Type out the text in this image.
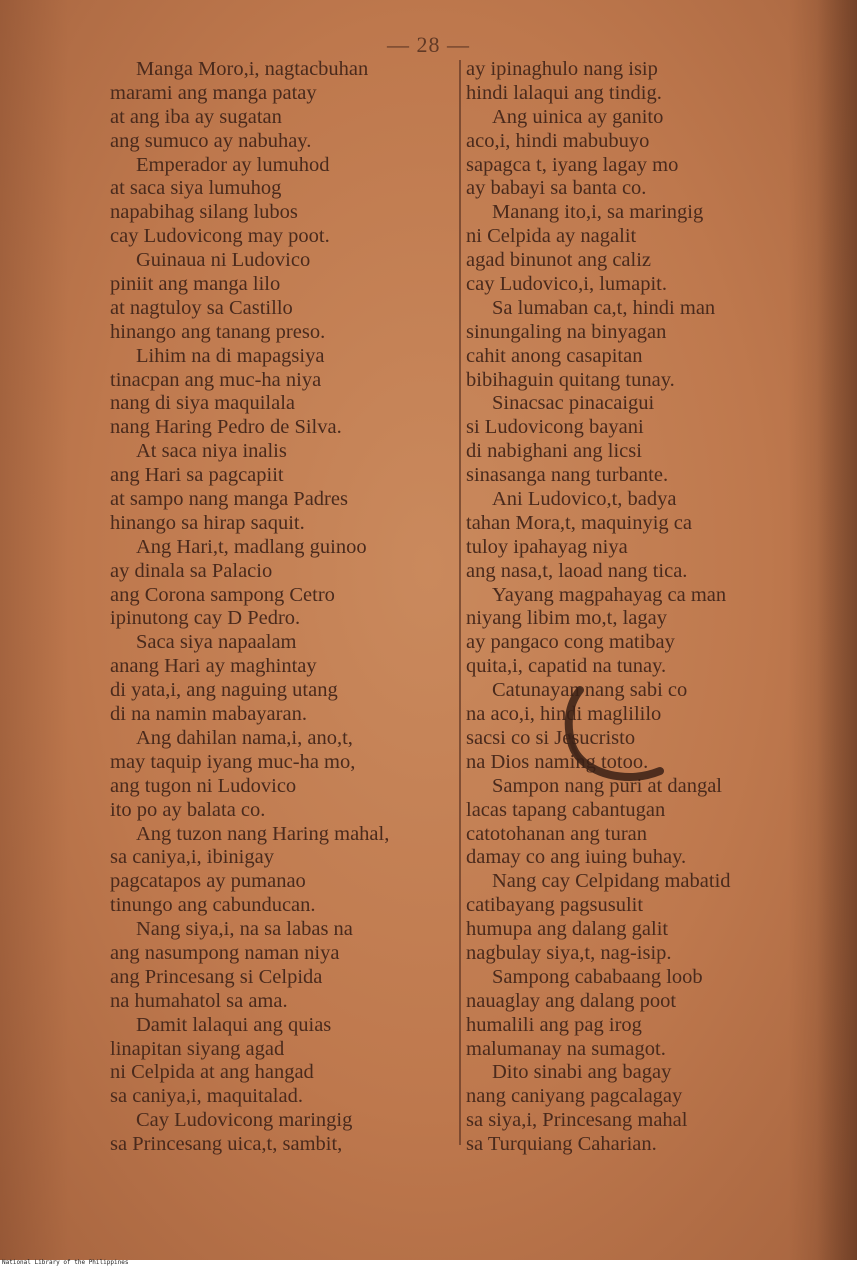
— 28 —
Manga Moro,i, nagtacbuhan
marami ang manga patay
at ang iba ay sugatan
ang sumuco ay nabuhay.
Emperador ay lumuhod
at saca siya lumuhog
napabihag silang lubos
cay Ludovicong may poot.
Guinaua ni Ludovico
piniit ang manga lilo
at nagtuloy sa Castillo
hinango ang tanang preso.
Lihim na di mapagsiya
tinacpan ang muc-ha niya
nang di siya maquilala
nang Haring Pedro de Silva.
At saca niya inalis
ang Hari sa pagcapiit
at sampo nang manga Padres
hinango sa hirap saquit.
Ang Hari,t, madlang guinoo
ay dinala sa Palacio
ang Corona sampong Cetro
ipinutong cay D Pedro.
Saca siya napaalam
anang Hari ay maghintay
di yata,i, ang naguing utang
di na namin mabayaran.
Ang dahilan nama,i, ano,t,
may taquip iyang muc-ha mo,
ang tugon ni Ludovico
ito po ay balata co.
Ang tuzon nang Haring mahal,
sa caniya,i, ibinigay
pagcatapos ay pumanao
tinungo ang cabunducan.
Nang siya,i, na sa labas na
ang nasumpong naman niya
ang Princesang si Celpida
na humahatol sa ama.
Damit lalaqui ang quias
linapitan siyang agad
ni Celpida at ang hangad
sa caniya,i, maquitalad.
Cay Ludovicong maringig
sa Princesang uica,t, sambit,
ay ipinaghulo nang isip
hindi lalaqui ang tindig.
Ang uinica ay ganito
aco,i, hindi mabubuyo
sapagca t, iyang lagay mo
ay babayi sa banta co.
Manang ito,i, sa maringig
ni Celpida ay nagalit
agad binunot ang caliz
cay Ludovico,i, lumapit.
Sa lumaban ca,t, hindi man
sinungaling na binyagan
cahit anong casapitan
bibihaguin quitang tunay.
Sinacsac pinacaigui
si Ludovicong bayani
di nabighani ang licsi
sinasanga nang turbante.
Ani Ludovico,t, badya
tahan Mora,t, maquinyig ca
tuloy ipahayag niya
ang nasa,t, laoad nang tica.
Yayang magpahayag ca man
niyang libim mo,t, lagay
ay pangaco cong matibay
quita,i, capatid na tunay.
Catunayan nang sabi co
na aco,i, hindi maglililo
sacsi co si Jesucristo
na Dios naming totoo.
Sampon nang puri at dangal
lacas tapang cabantugan
catotohanan ang turan
damay co ang iuing buhay.
Nang cay Celpidang mabatid
catibayang pagsusulit
humupa ang dalang galit
nagbulay siya,t, nag-isip.
Sampong cababaang loob
nauaglay ang dalang poot
humalili ang pag irog
malumanay na sumagot.
Dito sinabi ang bagay
nang caniyang pagcalagay
sa siya,i, Princesang mahal
sa Turquiang Caharian.
National Library of the Philippines
